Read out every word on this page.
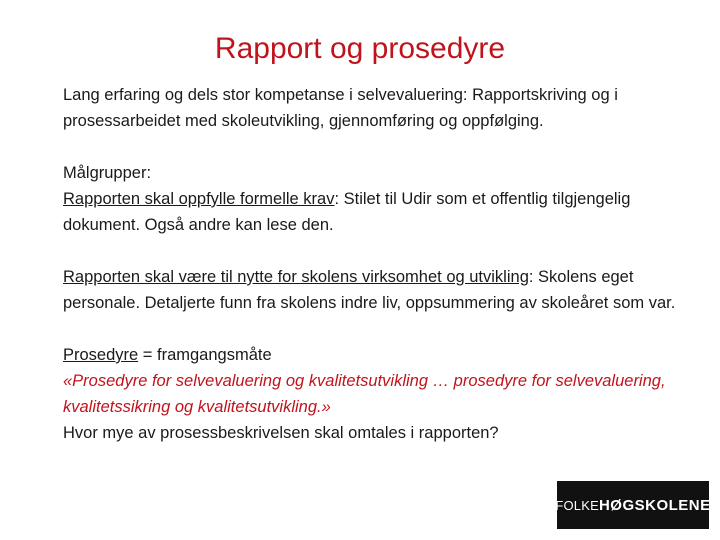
Rapport og prosedyre

Lang erfaring og dels stor kompetanse i selvevaluering: Rapportskriving og i prosessarbeidet med skoleutvikling, gjennomføring og oppfølging.

Målgrupper:

Rapporten skal oppfylle formelle krav: Stilet til Udir som et offentlig tilgjengelig dokument. Også andre kan lese den.

Rapporten skal være til nytte for skolens virksomhet og utvikling: Skolens eget personale. Detaljerte funn fra skolens indre liv, oppsummering av skoleåret som var.

Prosedyre = framgangsmåte

«Prosedyre for selvevaluering og kvalitetsutvikling … prosedyre for selvevaluering, kvalitetssikring og kvalitetsutvikling.»

Hvor mye av prosessbeskrivelsen skal omtales i rapporten?

FOLKE HØGSKOLENE
